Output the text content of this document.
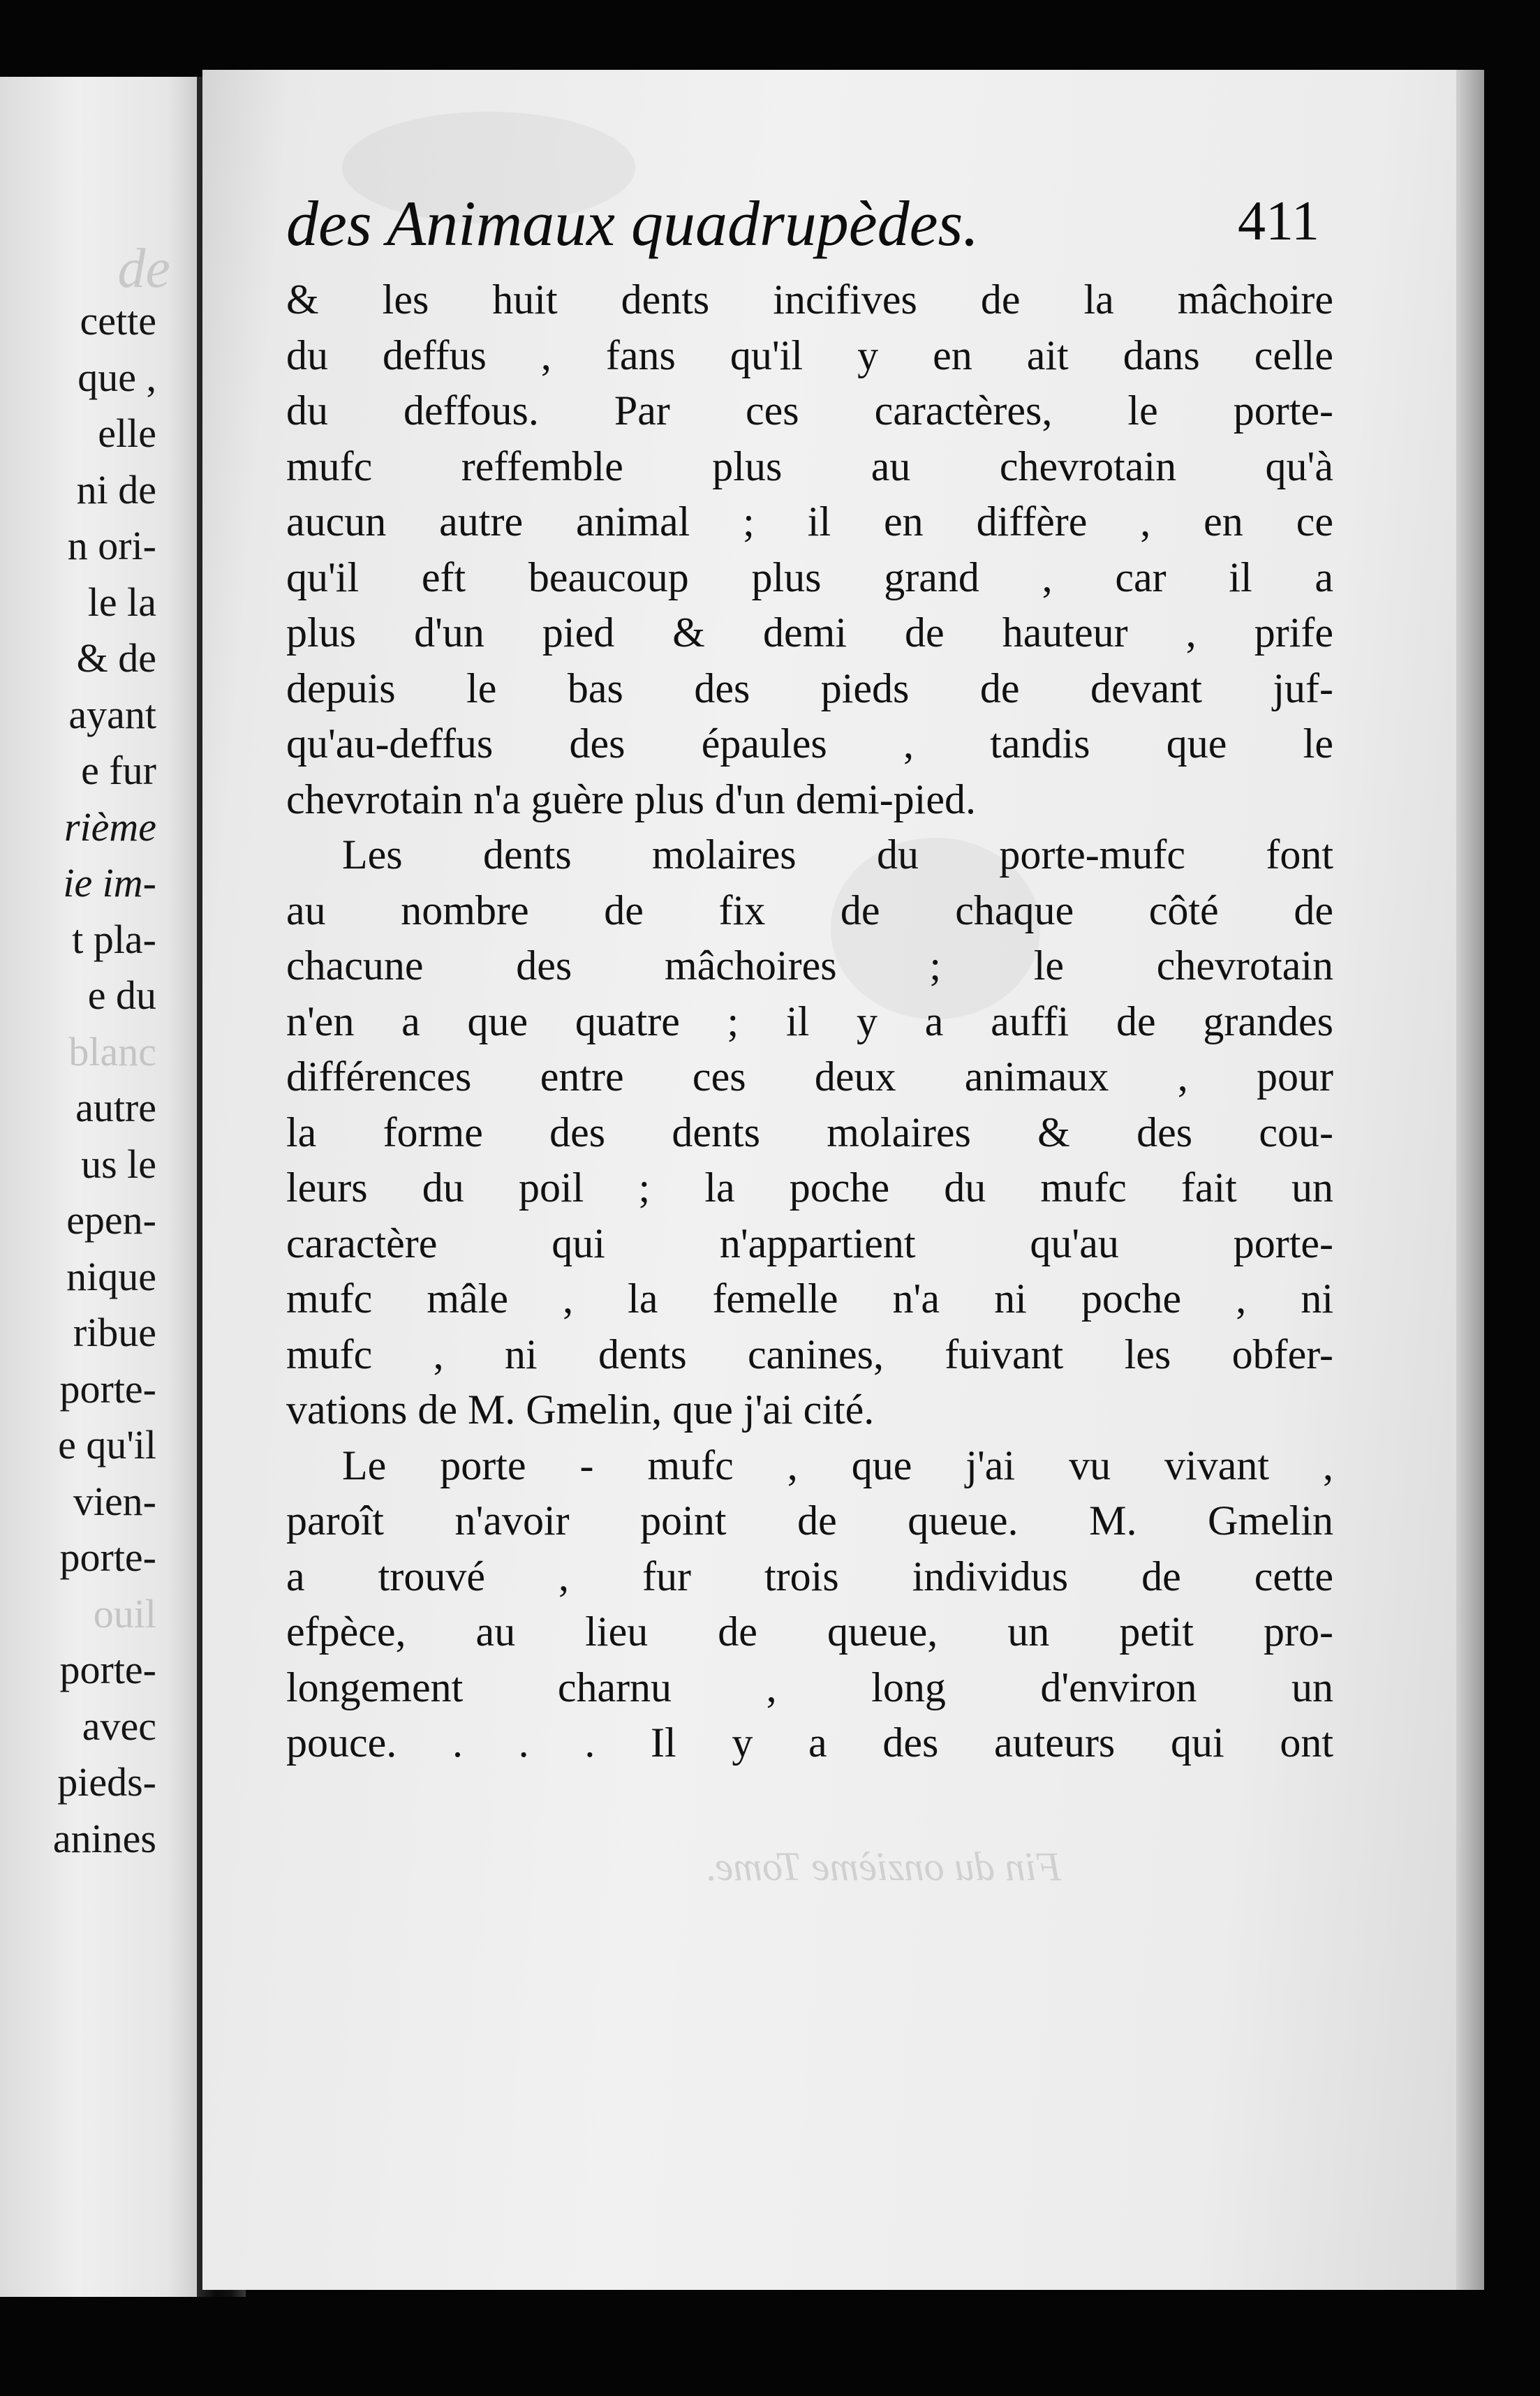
de

cette
que ,
elle
ni de
n ori-
le la
& de
ayant
e fur
rième
ie im-
t pla-
e du
blanc
autre
us le
epen-
nique
ribue
porte-
e qu'il
vien-
porte-
ouil
porte-
avec
pieds-
anines

des Animaux quadrupèdes.	411
& les huit dents incifives de la mâchoire
du deffus , fans qu'il y en ait dans celle
du deffous. Par ces caractères, le porte-
mufc reffemble plus au chevrotain qu'à
aucun autre animal ; il en diffère , en ce
qu'il eft beaucoup plus grand , car il a
plus d'un pied & demi de hauteur , prife
depuis le bas des pieds de devant juf-
qu'au-deffus des épaules , tandis que le
chevrotain n'a guère plus d'un demi-pied.
Les dents molaires du porte-mufc font
au nombre de fix de chaque côté de
chacune des mâchoires ; le chevrotain
n'en a que quatre ; il y a auffi de grandes
différences entre ces deux animaux , pour
la forme des dents molaires & des cou-
leurs du poil ; la poche du mufc fait un
caractère qui n'appartient qu'au porte-
mufc mâle , la femelle n'a ni poche , ni
mufc , ni dents canines, fuivant les obfer-
vations de M. Gmelin, que j'ai cité.
Le porte - mufc , que j'ai vu vivant ,
paroît n'avoir point de queue. M. Gmelin
a trouvé , fur trois individus de cette
efpèce, au lieu de queue, un petit pro-
longement charnu , long d'environ un
pouce. . . . Il y a des auteurs qui ont
Fin du onzième Tome.
